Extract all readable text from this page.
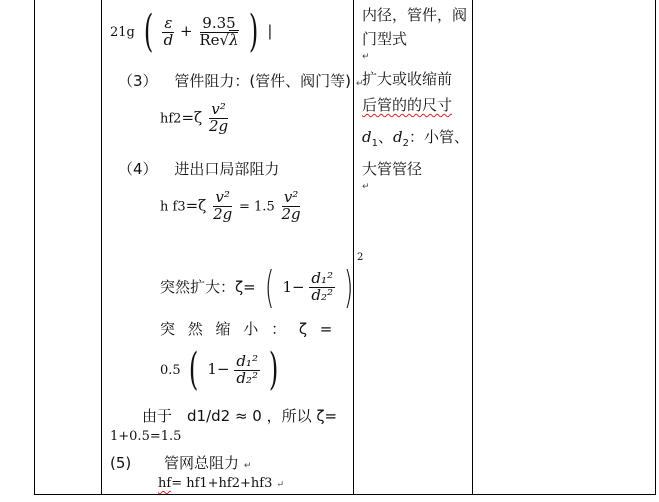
21g ( $\frac{\varepsilon}{d} + \frac{9.35}{Re√\lambda}$ ) |
（3） 管件阻力：(管件、阀门等) ↵
$hf2=\zeta \frac{\text{v²}}{2g}$
（4） 进出口局部阻力
h $f3=\zeta \frac{\text{v²}}{2g} = 1.5 \frac{\text{v²}}{2g}$
突然扩大：ζ= ( $1- \frac{\text{d₁²}}{\text{d₂²}} )^2$
突 然 缩 小 ： ζ =
0.5 ( $1- \frac{\text{d₁²}}{\text{d₂²}}$ )
由于　d1/d2 ≈ 0 ，所以 ζ=
1+0.5=1.5
(5) 管网总阻力 ↵
hf= hf1+hf2+hf3 ↵
内径，管件，阀
门型式
↵
扩大或收缩前
后管的的尺寸
$d_1$、$d_2$：小管、
大管管径
↵
